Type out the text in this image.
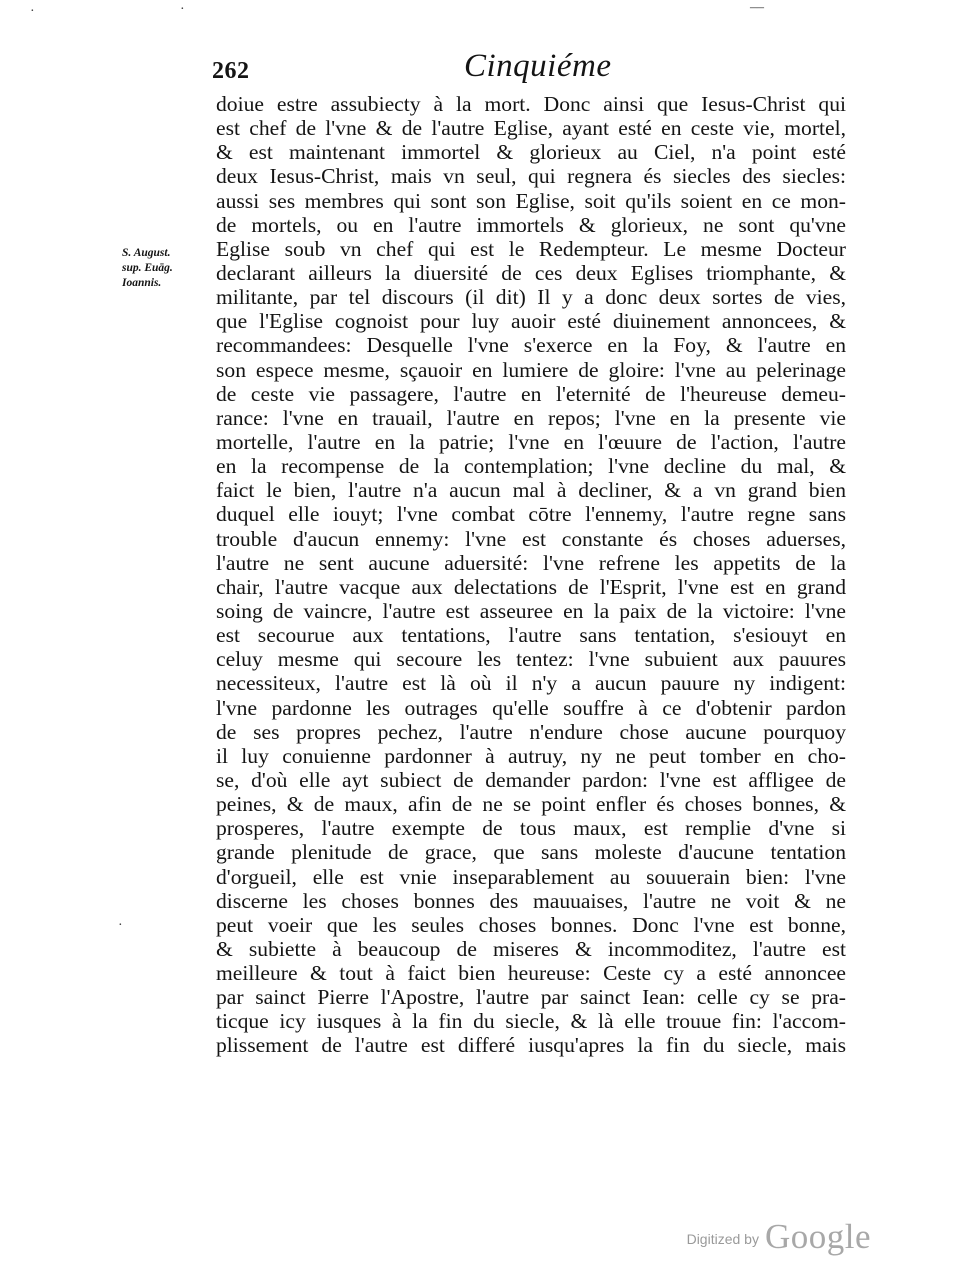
·	·	‒‒
·
262	Cinquiéme
S. August.
sup. Euāg.
Ioannis.
doiue estre assubiecty à la mort. Donc ainsi que Iesus-Christ qui
est chef de l'vne & de l'autre Eglise, ayant esté en ceste vie, mortel,
& est maintenant immortel & glorieux au Ciel, n'a point esté
deux Iesus-Christ, mais vn seul, qui regnera és siecles des siecles:
aussi ses membres qui sont son Eglise, soit qu'ils soient en ce mon-
de mortels, ou en l'autre immortels & glorieux, ne sont qu'vne
Eglise soub vn chef qui est le Redempteur. Le mesme Docteur
declarant ailleurs la diuersité de ces deux Eglises triomphante, &
militante, par tel discours (il dit) Il y a donc deux sortes de vies,
que l'Eglise cognoist pour luy auoir esté diuinement annoncees, &
recommandees: Desquelle l'vne s'exerce en la Foy, & l'autre en
son espece mesme, sçauoir en lumiere de gloire: l'vne au pelerinage
de ceste vie passagere, l'autre en l'eternité de l'heureuse demeu-
rance: l'vne en trauail, l'autre en repos; l'vne en la presente vie
mortelle, l'autre en la patrie; l'vne en l'œuure de l'action, l'autre
en la recompense de la contemplation; l'vne decline du mal, &
faict le bien, l'autre n'a aucun mal à decliner, & a vn grand bien
duquel elle iouyt; l'vne combat cōtre l'ennemy, l'autre regne sans
trouble d'aucun ennemy: l'vne est constante és choses aduerses,
l'autre ne sent aucune aduersité: l'vne refrene les appetits de la
chair, l'autre vacque aux delectations de l'Esprit, l'vne est en grand
soing de vaincre, l'autre est asseuree en la paix de la victoire: l'vne
est secourue aux tentations, l'autre sans tentation, s'esiouyt en
celuy mesme qui secoure les tentez: l'vne subuient aux pauures
necessiteux, l'autre est là où il n'y a aucun pauure ny indigent:
l'vne pardonne les outrages qu'elle souffre à ce d'obtenir pardon
de ses propres pechez, l'autre n'endure chose aucune pourquoy
il luy conuienne pardonner à autruy, ny ne peut tomber en cho-
se, d'où elle ayt subiect de demander pardon: l'vne est affligee de
peines, & de maux, afin de ne se point enfler és choses bonnes, &
prosperes, l'autre exempte de tous maux, est remplie d'vne si
grande plenitude de grace, que sans moleste d'aucune tentation
d'orgueil, elle est vnie inseparablement au souuerain bien: l'vne
discerne les choses bonnes des mauuaises, l'autre ne voit & ne
peut voeir que les seules choses bonnes. Donc l'vne est bonne,
& subiette à beaucoup de miseres & incommoditez, l'autre est
meilleure & tout à faict bien heureuse: Ceste cy a esté annoncee
par sainct Pierre l'Apostre, l'autre par sainct Iean: celle cy se pra-
ticque icy iusques à la fin du siecle, & là elle trouue fin: l'accom-
plissement de l'autre est differé iusqu'apres la fin du siecle, mais
Digitized by Google
